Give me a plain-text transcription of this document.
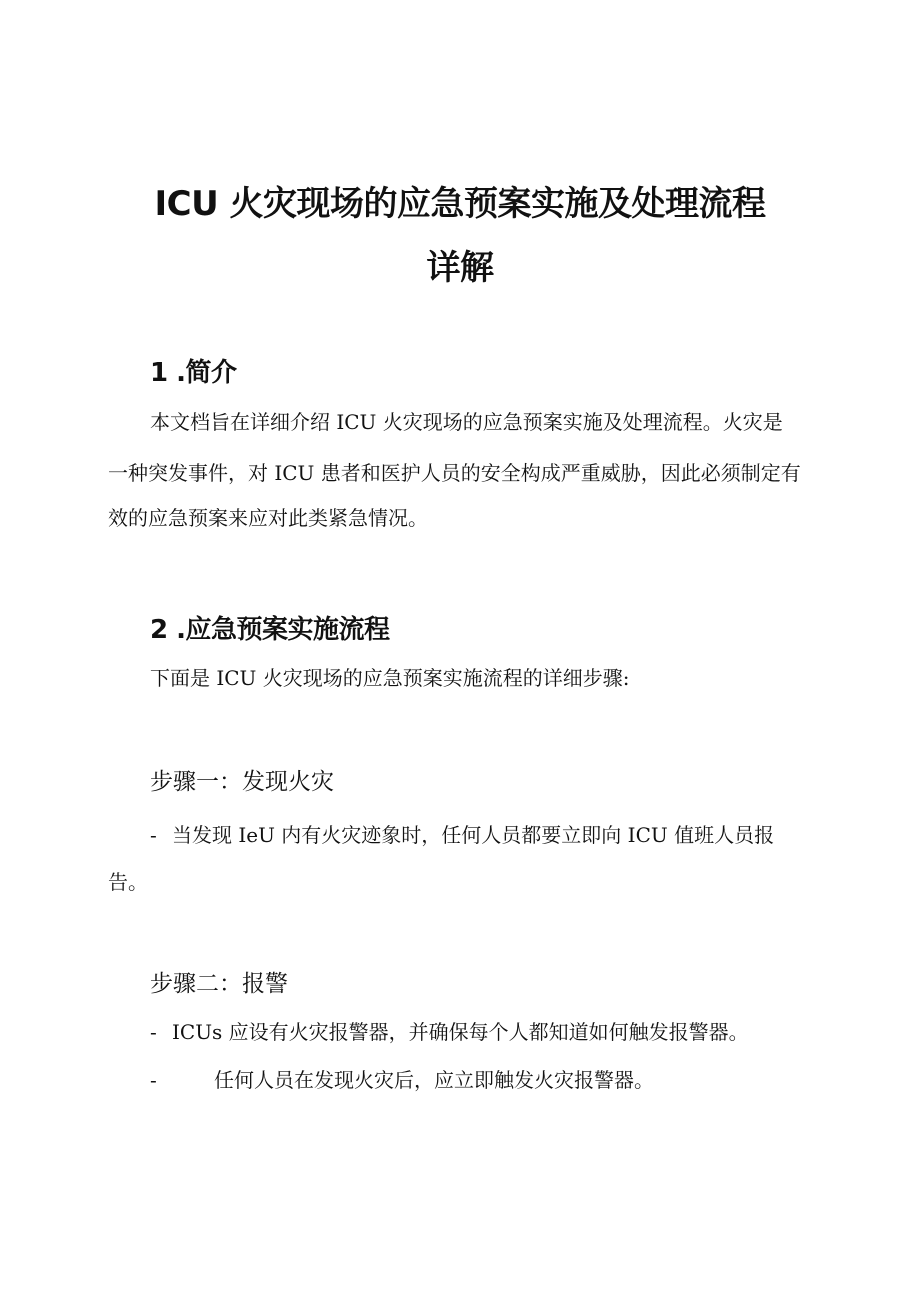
ICU 火灾现场的应急预案实施及处理流程
详解
1 .简介

本文档旨在详细介绍 ICU 火灾现场的应急预案实施及处理流程。火灾是

一种突发事件，对 ICU 患者和医护人员的安全构成严重威胁，因此必须制定有

效的应急预案来应对此类紧急情况。

2 .应急预案实施流程

下面是 ICU 火灾现场的应急预案实施流程的详细步骤:

步骤一：发现火灾

- 当发现 IeU 内有火灾迹象时，任何人员都要立即向 ICU 值班人员报

告。

步骤二：报警

- ICUs 应设有火灾报警器，并确保每个人都知道如何触发报警器。

-	任何人员在发现火灾后，应立即触发火灾报警器。
